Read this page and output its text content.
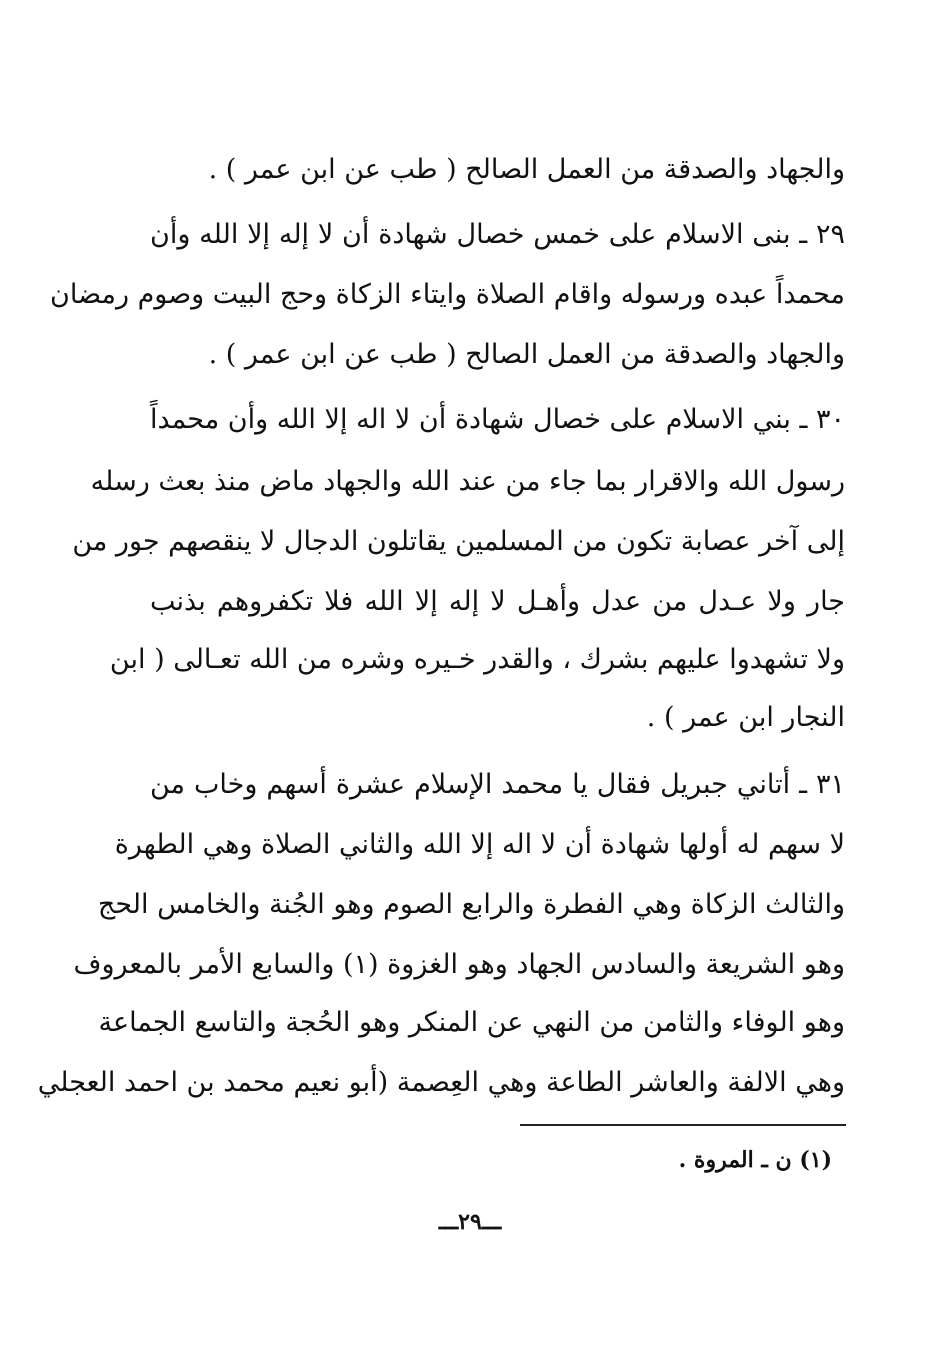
والجهاد والصدقة من العمل الصالح ( طب عن ابن عمر ) .
٢٩ ـ بنى الاسلام على خمس خصال شهادة أن لا إله إلا الله وأن
محمداً عبده ورسوله واقام الصلاة وايتاء الزكاة وحج البيت وصوم رمضان
والجهاد والصدقة من العمل الصالح ( طب عن ابن عمر ) .
٣٠ ـ بني الاسلام على خصال شهادة أن لا اله إلا الله وأن محمداً
رسول الله والاقرار بما جاء من عند الله والجهاد ماض منذ بعث رسله
إلى آخر عصابة تكون من المسلمين يقاتلون الدجال لا ينقصهم جور من
جار ولا عـدل من عدل وأهـل لا إله إلا الله فلا تكفروهم بذنب
ولا تشهدوا عليهم بشرك ، والقدر خـيره وشره من الله تعـالى ( ابن
النجار ابن عمر ) .
٣١ ـ أتاني جبريل فقال يا محمد الإسلام عشرة أسهم وخاب من
لا سهم له أولها شهادة أن لا اله إلا الله والثاني الصلاة وهي الطهرة
والثالث الزكاة وهي الفطرة والرابع الصوم وهو الجُنة والخامس الحج
وهو الشريعة والسادس الجهاد وهو الغزوة (١) والسابع الأمر بالمعروف
وهو الوفاء والثامن من النهي عن المنكر وهو الحُجة والتاسع الجماعة
وهي الالفة والعاشر الطاعة وهي العِصمة (أبو نعيم محمد بن احمد العجلي
(١) ن ـ المروة .
ـــ٢٩ـــ
